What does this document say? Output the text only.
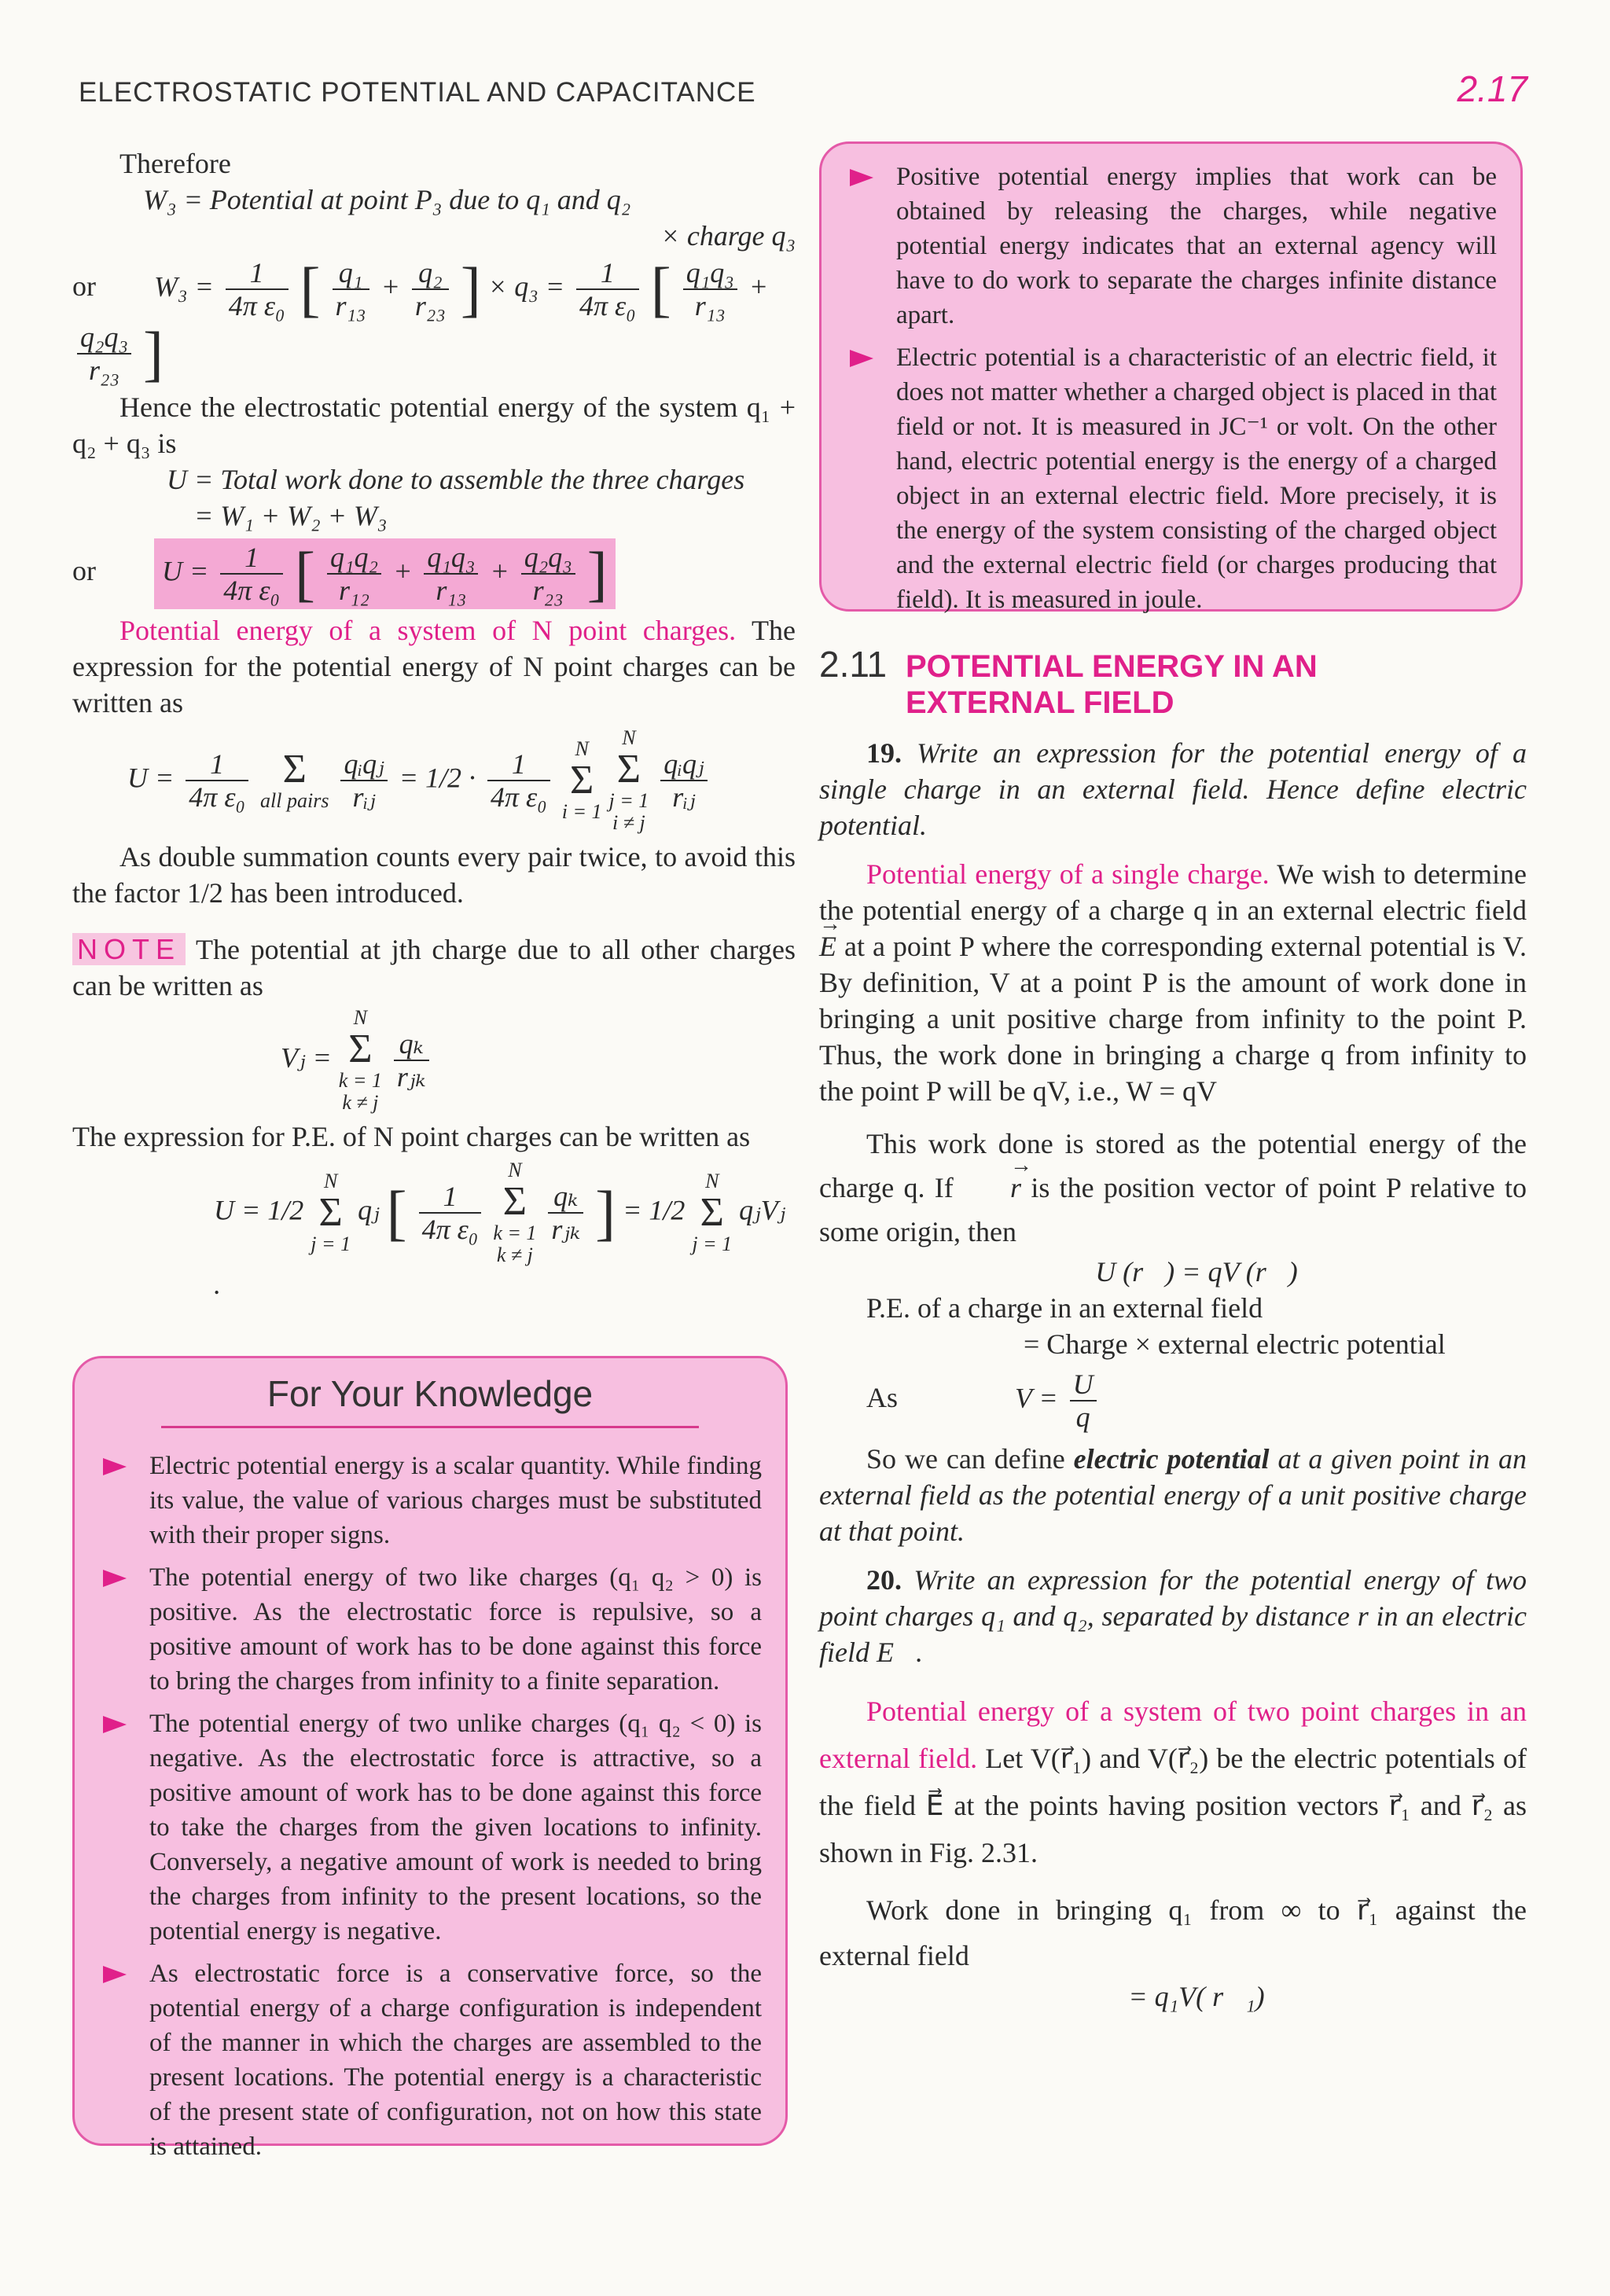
ELECTROSTATIC POTENTIAL AND CAPACITANCE	2.17

Therefore

W₃ = Potential at point P₃ due to q₁ and q₂

× charge q₃

or $W_3 = \frac{1}{\text{4π ε₀}}$ [ $\frac{\text{q₁}}{\text{r₁₃}} + \frac{\text{q₂}}{\text{r₂₃}}$ ] × $q_3 = \frac{1}{\text{4π ε₀}}$ [ $\frac{\text{q₁q₃}}{\text{r₁₃}}$ +
$\frac{\text{q₂q₃}}{\text{r₂₃}}$ ]

Hence the electrostatic potential energy of the system q₁ + q₂ + q₃ is

U = Total work done to assemble the three charges

= W₁ + W₂ + W₃

or $U = \frac{1}{\text{4π ε₀}}$ [ $\frac{\text{q₁q₂}}{\text{r₁₂}} + \frac{\text{q₁q₃}}{\text{r₁₃}} + \frac{\text{q₂q₃}}{\text{r₂₃}}$ ]

Potential energy of a system of N point charges. The expression for the potential energy of N point charges can be written as

$U = \frac{1}{\text{4π ε₀}}$ Σ
all pairs $\frac{\text{qᵢqⱼ}}{\text{rᵢⱼ}} = 1/2 \cdot \frac{1}{\text{4π ε₀}}$ N
Σ
i = 1 N
Σ
j = 1
i ≠ j
$\frac{\text{qᵢqⱼ}}{\text{rᵢⱼ}}$

As double summation counts every pair twice, to avoid this the factor 1/2 has been introduced.

NOTE The potential at jth charge due to all other charges can be written as

Vⱼ = N
Σ
k = 1
k ≠ j
$\frac{\text{qₖ}}{\text{rⱼₖ}}$

The expression for P.E. of N point charges can be written as

U = 1/2 N
Σ
j = 1 qⱼ [ $\frac{1}{\text{4π ε₀}}$
N
Σ
k = 1
k ≠ j
$\frac{\text{qₖ}}{\text{rⱼₖ}}$ ] = 1/2 N
Σ
j = 1 qⱼVⱼ .
For Your Knowledge
Electric potential energy is a scalar quantity. While finding its value, the value of various charges must be substituted with their proper signs.
The potential energy of two like charges (q₁ q₂ > 0) is positive. As the electrostatic force is repulsive, so a positive amount of work has to be done against this force to bring the charges from infinity to a finite separation.
The potential energy of two unlike charges (q₁ q₂ < 0) is negative. As the electrostatic force is attractive, so a positive amount of work has to be done against this force to take the charges from the given locations to infinity. Conversely, a negative amount of work is needed to bring the charges from infinity to the present locations, so the potential energy is negative.
As electrostatic force is a conservative force, so the potential energy of a charge configuration is independent of the manner in which the charges are assembled to the present locations. The potential energy is a characteristic of the present state of configuration, not on how this state is attained.
Positive potential energy implies that work can be obtained by releasing the charges, while negative potential energy indicates that an external agency will have to do work to separate the charges infinite distance apart.
Electric potential is a characteristic of an electric field, it does not matter whether a charged object is placed in that field or not. It is measured in JC⁻¹ or volt. On the other hand, electric potential energy is the energy of a charged object in an external electric field. More precisely, it is the energy of the system consisting of the charged object and the external electric field (or charges producing that field). It is measured in joule.
2.11 POTENTIAL ENERGY IN AN
EXTERNAL FIELD

19. Write an expression for the potential energy of a single charge in an external field. Hence define electric potential.

Potential energy of a single charge. We wish to determine the potential energy of a charge q in an external electric field → E at a point P where the corresponding external potential is V. By definition, V at a point P is the amount of work done in bringing a unit positive charge from infinity to the point P. Thus, the work done in bringing a charge q from infinity to the point P will be qV, i.e., W = qV

This work done is stored as the potential energy of the charge q. If → r is the position vector of point P relative to some origin, then

U (r⃗) = qV (r⃗)

P.E. of a charge in an external field

= Charge × external electric potential

As	$V = \frac{U}{q}$

So we can define electric potential at a given point in an external field as the potential energy of a unit positive charge at that point.

20. Write an expression for the potential energy of two point charges q₁ and q₂, separated by distance r in an electric field E⃗.

Potential energy of a system of two point charges in an external field. Let V(r⃗₁) and V(r⃗₂) be the electric potentials of the field E⃗ at the points having position vectors r⃗₁ and r⃗₂ as shown in Fig. 2.31.

Work done in bringing q₁ from ∞ to r⃗₁ against the external field

= q₁V( r⃗₁)
